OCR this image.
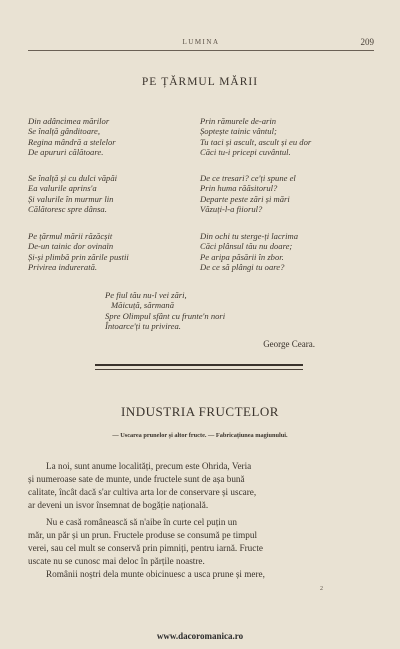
LUMINA	209
PE ȚĂRMUL MĂRII
Din adâncimea mărilor
Se înalță gânditoare,
Regina mândră a stelelor
De apururi călătoare.
Prin rămurele de-arin
Șoptește tainic vântul;
Tu taci și ascult, ascult și eu dor
Căci tu-i pricepi cuvântul.
Se înalță și cu dulci văpăi
Ea valurile aprins'a
Și valurile în murmur lin
Călătoresc spre dânsa.
De ce tresari? ce'ți spune el
Prin huma răăsitorul?
Departe peste zări și mări
Văzuți-l-a fiiorul?
Pe țărmul mării răzăcșit
De-un tainic dor ovinaïn
Și-și plimbă prin zările pustii
Privirea indurerată.
Din ochi tu sterge-ți lacrima
Căci plânsul tău nu doare;
Pe aripa păsării în zbor.
De ce să plângi tu oare?
Pe fiul tău nu-l vei zări,
Măicuță, sărmană
Spre Olimpul sfânt cu frunte'n nori
Întoarce'ți tu privirea.
George Ceara.
INDUSTRIA FRUCTELOR
— Uscarea prunelor și altor fructe. — Fabricațiunea magiunului.
La noi, sunt anume localități, precum este Ohrida, Veria
și numeroase sate de munte, unde fructele sunt de așa bună
calitate, încât dacă s'ar cultiva arta lor de conservare și uscare,
ar deveni un isvor însemnat de bogăție națională.
Nu e casă românească să n'aibe în curte cel puțin un
măr, un păr și un prun. Fructele produse se consumă pe timpul
verei, sau cel mult se conservă prin pimniți, pentru iarnă. Fructe
uscate nu se cunosc mai deloc în părțile noastre.
Românii noștri dela munte obicinuesc a usca prune și mere,
2
www.dacoromanica.ro
